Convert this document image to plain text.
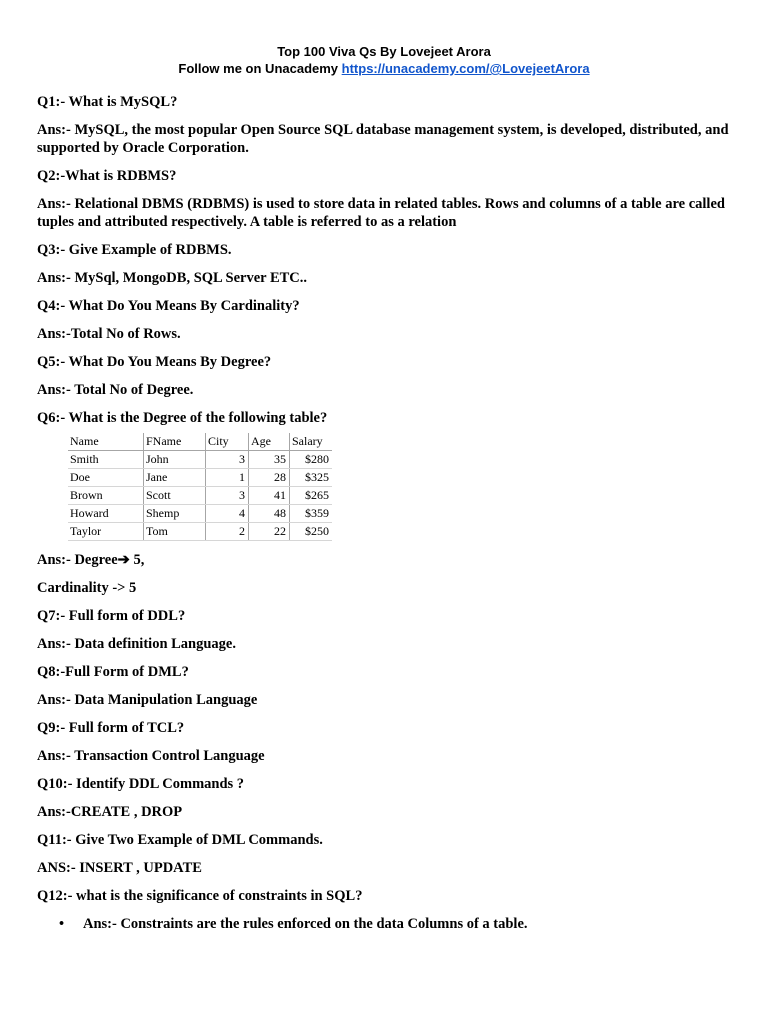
Top 100 Viva Qs By Lovejeet Arora
Follow me on Unacademy https://unacademy.com/@LovejeetArora
Q1:- What is MySQL?
Ans:- MySQL, the most popular Open Source SQL database management system, is developed, distributed, and supported by Oracle Corporation.
Q2:-What is RDBMS?
Ans:- Relational DBMS (RDBMS) is used to store data in related tables. Rows and columns of a table are called tuples and attributed respectively. A table is referred to as a relation
Q3:- Give Example of RDBMS.
Ans:- MySql, MongoDB, SQL Server ETC..
Q4:- What Do You Means By Cardinality?
Ans:-Total No of Rows.
Q5:- What Do You Means By Degree?
Ans:- Total No of Degree.
Q6:- What is the Degree of the following table?
Name	FName	City	Age	Salary
Smith	John	3	35	$280
Doe	Jane	1	28	$325
Brown	Scott	3	41	$265
Howard	Shemp	4	48	$359
Taylor	Tom	2	22	$250
Ans:- Degree➔ 5,
Cardinality -> 5
Q7:- Full form of DDL?
Ans:- Data definition Language.
Q8:-Full Form of DML?
Ans:- Data Manipulation Language
Q9:- Full form of TCL?
Ans:- Transaction Control Language
Q10:- Identify DDL Commands ?
Ans:-CREATE , DROP
Q11:- Give Two Example of DML Commands.
ANS:- INSERT , UPDATE
Q12:- what is the significance of constraints in SQL?
•	Ans:- Constraints are the rules enforced on the data Columns of a table.
